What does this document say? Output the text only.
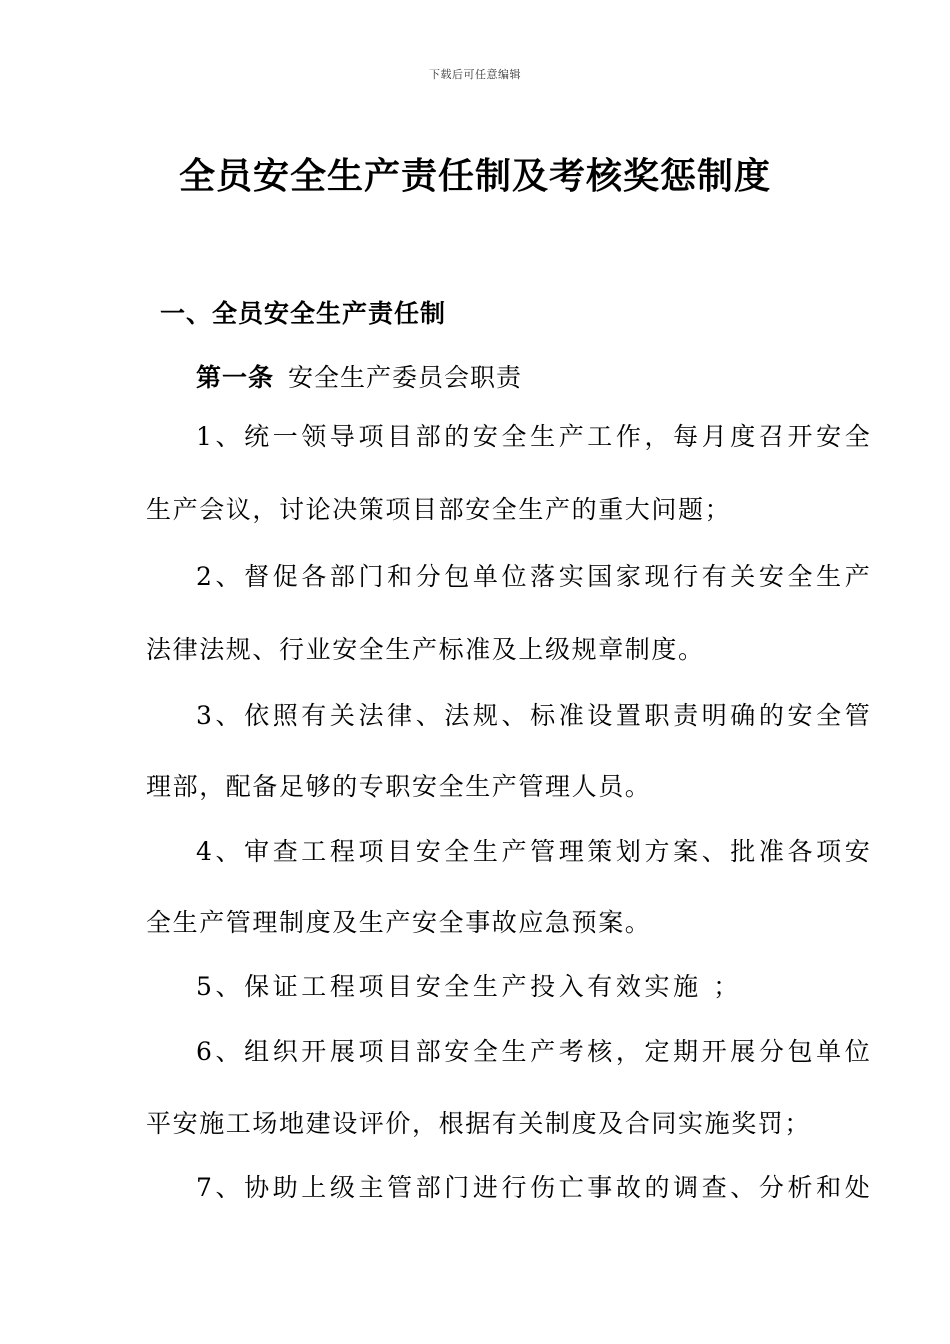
下载后可任意编辑
全员安全生产责任制及考核奖惩制度
一、全员安全生产责任制
第一条 安全生产委员会职责
1、统一领导项目部的安全生产工作，每月度召开安全
生产会议，讨论决策项目部安全生产的重大问题；
2、督促各部门和分包单位落实国家现行有关安全生产
法律法规、行业安全生产标准及上级规章制度。
3、依照有关法律、法规、标准设置职责明确的安全管
理部，配备足够的专职安全生产管理人员。
4、审查工程项目安全生产管理策划方案、批准各项安
全生产管理制度及生产安全事故应急预案。
5、保证工程项目安全生产投入有效实施 ；
6、组织开展项目部安全生产考核，定期开展分包单位
平安施工场地建设评价，根据有关制度及合同实施奖罚；
7、协助上级主管部门进行伤亡事故的调查、分析和处
